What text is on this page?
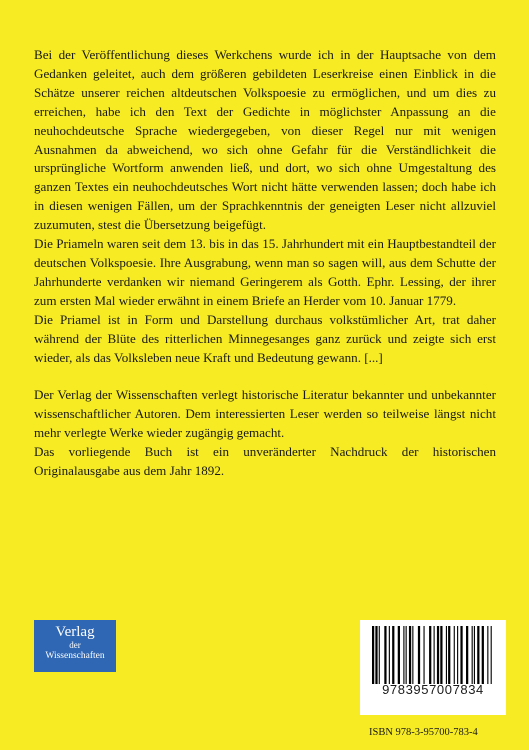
Bei der Veröffentlichung dieses Werkchens wurde ich in der Hauptsache von dem Gedanken geleitet, auch dem größeren gebildeten Leserkreise einen Einblick in die Schätze unserer reichen altdeutschen Volkspoesie zu ermöglichen, und um dies zu erreichen, habe ich den Text der Gedichte in möglichster Anpassung an die neuhochdeutsche Sprache wiedergegeben, von dieser Regel nur mit wenigen Ausnahmen da abweichend, wo sich ohne Gefahr für die Verständlichkeit die ursprüngliche Wortform anwenden ließ, und dort, wo sich ohne Umgestaltung des ganzen Textes ein neuhochdeutsches Wort nicht hätte verwenden lassen; doch habe ich in diesen wenigen Fällen, um der Sprachkenntnis der geneigten Leser nicht allzuviel zuzumuten, stest die Übersetzung beigefügt.

Die Priameln waren seit dem 13. bis in das 15. Jahrhundert mit ein Hauptbestandteil der deutschen Volkspoesie. Ihre Ausgrabung, wenn man so sagen will, aus dem Schutte der Jahrhunderte verdanken wir niemand Geringerem als Gotth. Ephr. Lessing, der ihrer zum ersten Mal wieder erwähnt in einem Briefe an Herder vom 10. Januar 1779.

Die Priamel ist in Form und Darstellung durchaus volkstümlicher Art, trat daher während der Blüte des ritterlichen Minnegesanges ganz zurück und zeigte sich erst wieder, als das Volksleben neue Kraft und Bedeutung gewann. [...]

Der Verlag der Wissenschaften verlegt historische Literatur bekannter und unbekannter wissenschaftlicher Autoren. Dem interessierten Leser werden so teilweise längst nicht mehr verlegte Werke wieder zugängig gemacht.

Das vorliegende Buch ist ein unveränderter Nachdruck der historischen Originalausgabe aus dem Jahr 1892.

Verlag
der
Wissenschaften
9783957007834
ISBN 978-3-95700-783-4
